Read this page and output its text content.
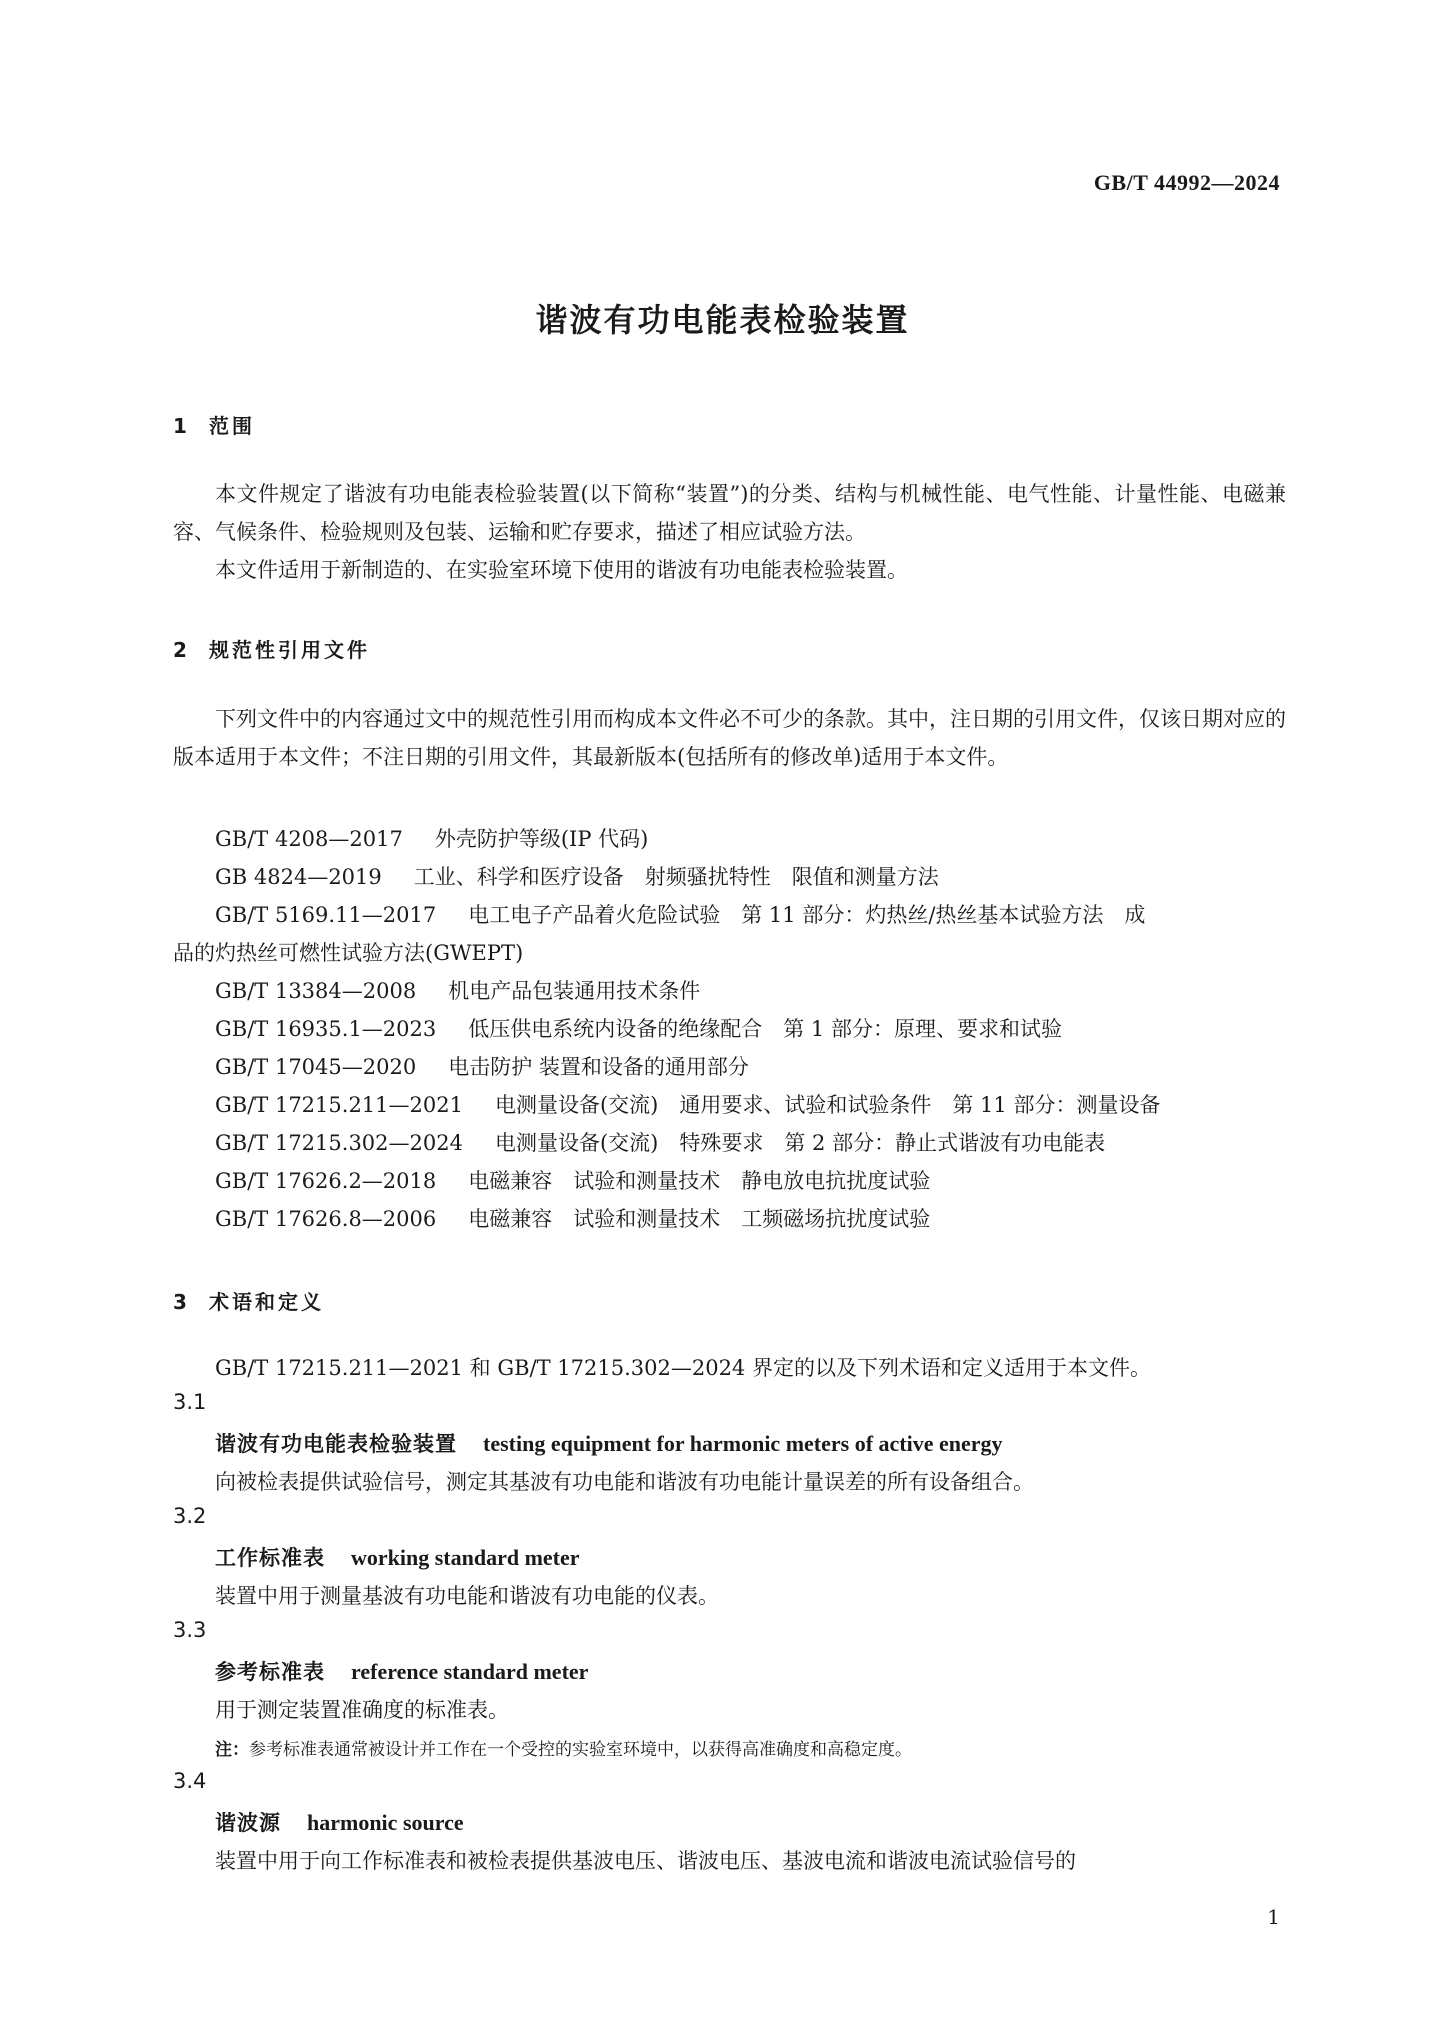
GB/T 44992—2024
谐波有功电能表检验装置
1 范围
本文件规定了谐波有功电能表检验装置(以下简称“装置”)的分类、结构与机械性能、电气性能、计量性能、电磁兼容、气候条件、检验规则及包装、运输和贮存要求，描述了相应试验方法。
本文件适用于新制造的、在实验室环境下使用的谐波有功电能表检验装置。
2 规范性引用文件
下列文件中的内容通过文中的规范性引用而构成本文件必不可少的条款。其中，注日期的引用文件，仅该日期对应的版本适用于本文件；不注日期的引用文件，其最新版本(包括所有的修改单)适用于本文件。
GB/T 4208—2017 外壳防护等级(IP 代码)
GB 4824—2019 工业、科学和医疗设备　射频骚扰特性　限值和测量方法
GB/T 5169.11—2017 电工电子产品着火危险试验　第 11 部分：灼热丝/热丝基本试验方法　成
品的灼热丝可燃性试验方法(GWEPT)
GB/T 13384—2008 机电产品包装通用技术条件
GB/T 16935.1—2023 低压供电系统内设备的绝缘配合　第 1 部分：原理、要求和试验
GB/T 17045—2020 电击防护 装置和设备的通用部分
GB/T 17215.211—2021 电测量设备(交流)　通用要求、试验和试验条件　第 11 部分：测量设备
GB/T 17215.302—2024 电测量设备(交流)　特殊要求　第 2 部分：静止式谐波有功电能表
GB/T 17626.2—2018 电磁兼容　试验和测量技术　静电放电抗扰度试验
GB/T 17626.8—2006 电磁兼容　试验和测量技术　工频磁场抗扰度试验
3 术语和定义
GB/T 17215.211—2021 和 GB/T 17215.302—2024 界定的以及下列术语和定义适用于本文件。
3.1
谐波有功电能表检验装置 testing equipment for harmonic meters of active energy
向被检表提供试验信号，测定其基波有功电能和谐波有功电能计量误差的所有设备组合。
3.2
工作标准表 working standard meter
装置中用于测量基波有功电能和谐波有功电能的仪表。
3.3
参考标准表 reference standard meter
用于测定装置准确度的标准表。
注：参考标准表通常被设计并工作在一个受控的实验室环境中，以获得高准确度和高稳定度。
3.4
谐波源 harmonic source
装置中用于向工作标准表和被检表提供基波电压、谐波电压、基波电流和谐波电流试验信号的
1
